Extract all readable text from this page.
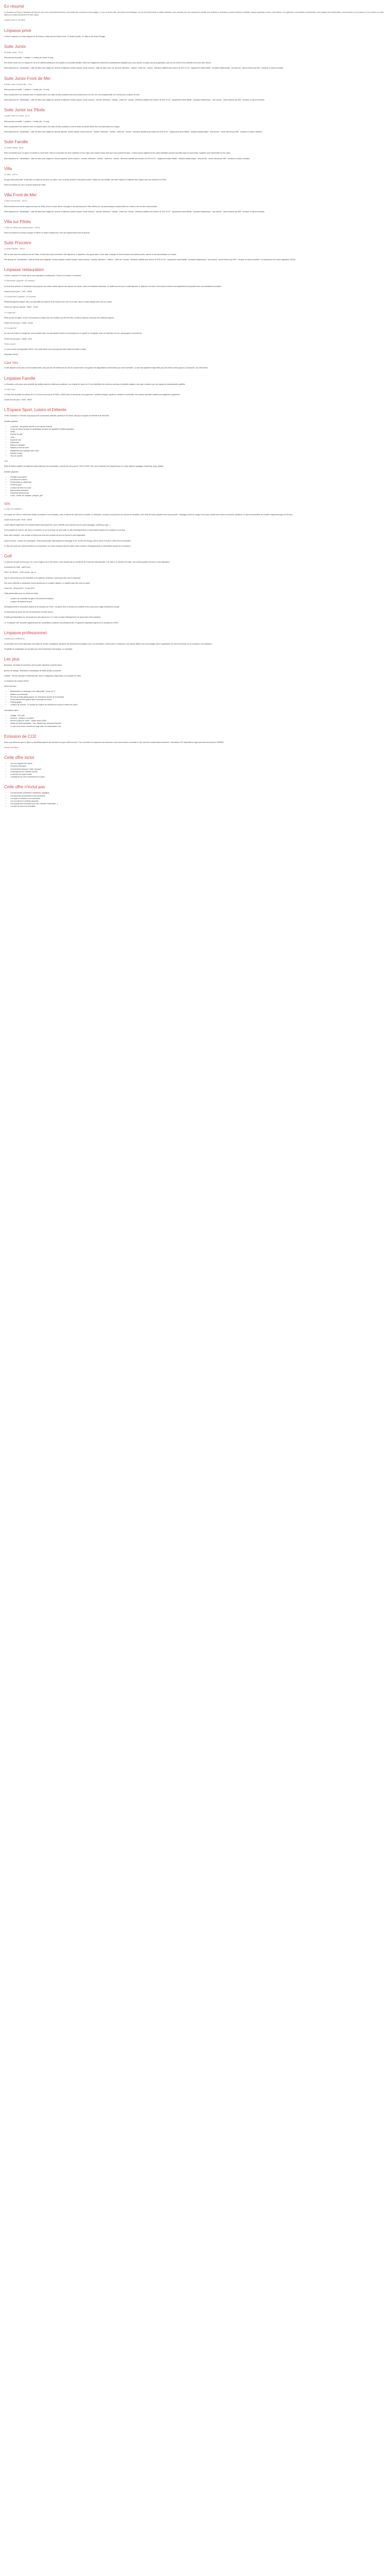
En résumé

Le Domaine de Pierre & Vacances est situé au cœur d'un environnement boisé, à proximité des commerces et des plages, à 1 km du centre-ville. Aux portes de la Bretagne, sur la côte d'Émeraude, la station balnéaire vous accueille pour des vacances en famille avec activités et animations, piscine extérieure chauffée, espace aquatique couvert, club enfants. Les logements, confortables et fonctionnels, sont équipés d'une kitchenette, d'une terrasse ou d'un balcon, et vous offrent un cadre idéal pour profiter pleinement de votre séjour.

Loading Hotel Al The Marel

Lmpasse privé

L'Hôtel Coralisant La Presse dispose de 89 Suites et Villas dont 64 Suites vivres, 12 Suites Famille, 12 Villas et une Suite Prestige.

Suite Junior

40 Suites Junior - 33 m²

Elles peuvent accueillir : 2 adultes + 1 enfant (de moins 12 ans)

Des Suites Junior sont un espace de vie et de détente parfait pour les couples ou les petites familles. Elles sont élégamment décorées et parfaitement équipées pour vous assurer un séjour des plus agréables, avec tout le confort et la modernité dont vous avez besoin.

Elles disposent de : climatisation - salle de bains avec baignoire, douche à l'italienne, double vasque, sèche-cheveux - salle de bains avec vue, armoire, télévision - minibar - coffre-fort - bureau - télévision satellite avec lecteur de DVD et CD - équipement haute fidélité - réception téléphonique - mini-service - accès Internet par WiFi - terrasse ou balcon meublés.

Suite Junior Front de Mer

8 Suites Junior Front de Mer - 70 m²

Elles peuvent accueillir : 2 adultes + 1 enfant (de - 12 ans)

Elles comprennent une chambre avec un espace salon, une salle de bains privative avec une terrasse face à la mer, une vue exceptionnelle sur l'océan pour un séjour de rêve.

Elles disposent de : climatisation - salle de bains avec baignoire, douche à l'italienne, double vasque, sèche-cheveux - armoire, téléviseur - minibar - coffre-fort - bureau - télévision satellite avec lecteur de DVD et CD - équipement haute fidélité - réception téléphonique - mini-service - accès Internet par WiFi - terrasse ou balcon meublés.

Suite Junior sur Pilotis

4 Suites Junior sur Pilotis - 92 m²

Elles peuvent accueillir : 2 adultes + 1 enfant (de - 12 ans)

Elles comprennent une chambre avec un espace salon, une salle de bains privative et une terrasse sur pilotis offrant une vue imprenable sur le lagon.

Elles disposent de : climatisation - salle de bains avec baignoire, douche séparée, double vasque, sèche-cheveux - armoire, téléviseur - minibar - coffre-fort - bureau - télévision satellite avec lecteur de DVD et CD - équipement haute fidélité - réception téléphonique - mini-service - accès Internet par WiFi - terrasse ou balcon meublés.

Suite Famille

12 Suites Famille - 86 m²

Elles sont idéales pour un séjour en famille ou entre amis. Elles se composent de deux chambres et d'un salon avec espace repas, ainsi que d'une grande terrasse. L'hôtel propose également des suites familiales pouvant accueillir jusqu'à 6 personnes, équipées d'une kitchenette et d'un salon.

Elles disposent de : climatisation - salle de bains avec baignoire, douche séparée, sèche-cheveux - armoire, téléviseur - minibar - coffre-fort - bureau - télévision satellite avec lecteur de DVD et CD - équipement haute fidélité - réception téléphonique - mini-service - accès Internet par WiFi - terrasse ou balcon meublés.

Villa

12 Villas - 130 m²

Du type villa individuelle, la villa offre un cadre de vie privé, au calme, avec un jardin privatif et une piscine privée. Idéale pour les familles, elle offre l'espace et l'intimité d'une maison avec les services d'un hôtel.

Elles sont situées au cœur du jardin tropical de l'hôtel.

Villa Front de Mer

4 Villas Front de Mer - 130 m²

Elles bénéficient du même équipement que les Villas, avec un accès direct à la plage et une piscine privée. Elles offrent une vue panoramique exceptionnelle sur l'océan et sur les îles environnantes.

Elles disposent de : climatisation - salle de bains avec baignoire, douche à l'italienne, double vasque, sèche-cheveux - armoire, téléviseur - minibar - coffre-fort - bureau - télévision satellite avec lecteur de DVD et CD - équipement haute fidélité - réception téléphonique - mini-service - accès Internet par WiFi - terrasse ou balcon meublés.

Villa sur Pilotis

2 Villas sur Pilotis avec piscine privée - 230 m²

Elles sont situées au-dessus du lagon et offrent un cadre exceptionnel, avec des équipements haut de gamme.

Suite Princière

La Suite Princière - 265 m²

Elle se situe dans une partie privée de l'hôtel, à l'écart des autres chambres. Elle dispose de 2 chambres, d'un grand salon, d'une salle à manger et d'une terrasse avec piscine privée, jacuzzi et vue panoramique sur l'océan.

Elle dispose de : climatisation - salle de bains avec baignoire, douche séparée, double vasque, sèche-cheveux - armoire, téléviseur - minibar - coffre-fort - bureau - télévision satellite avec lecteur de DVD et CD - équipement haute fidélité - réception téléphonique - mini-service - accès Internet par WiFi - terrasse ou balcon meublés. Un majordome est à votre disposition 24h/24.

Lmpasse restauration

L'Hôtel Coralisant La Presse met à votre disposition 3 restaurants, 2 bars et un service en chambre.

"Le Barracuda" (capacité : 80 couverts)

Au bord de la piscine, ce restaurant vous propose une cuisine variée inspirée des saveurs du monde, dans une ambiance détendue. Un buffet est servi pour le petit-déjeuner, le déjeuner et le dîner. Des soirées à thème sont régulièrement proposées avec des animations musicales.

Ouvert tous les jours : 7h00 - 22h30

"Le Grand Récif" (capacité : 60 couverts)

Restaurant gastronomique, avec une spécialité de poissons et de fruits de mer, servi à la carte, dans un cadre élégant avec vue sur l'océan.

Ouvert du mardi au samedi : 19h30 - 22h30

"Le Lagon bar"

Situé au bord du lagon, ce bar vous propose un large choix de cocktails, jus de fruits frais, et autres boissons, ainsi que des collations légères.

Ouvert tous les jours : 10h00 - minuit

"Le Lounge Bar"

Au cœur de l'hôtel, le Lounge Bar vous accueille dans une atmosphère feutrée et conviviale pour un apéritif ou un digestif, avec une sélection de vins, champagnes et alcools fins.

Ouvert tous les jours : 18h00 - 1h00

"Room service"

Le room service est disponible 24h/24. Une carte variée vous est proposée dans toutes les suites et villas.

Disponible 24h/24

Cave Vins

L'hôtel dispose d'une cave à vins exceptionnelle, avec plus de 400 références de vins du monde entier, et organise des dégustations commentées par notre sommelier. La cave est également disponible pour des dîners privés jusqu'à 12 personnes. Sur réservation.

Lmpasse Famille

Le Domaine a été pensé pour accueillir les familles dans les meilleures conditions. Les enfants de moins de 12 ans bénéficient de nombreux services et activités adaptés à leur âge, encadrés par une équipe de professionnels qualifiés.

"Le Kids Club"

Le Kids Club accueille les enfants de 4 à 12 ans tous les jours de 9h00 à 18h00 (sauf le dimanche). Au programme : activités ludiques, sportives, créatives et culturelles. Des soirées spéciales enfants sont également organisées.

Ouvert tous les jours : 9h00 - 18h00

L'Espace Sport, Loisirs et Détente

L'hôtel Coralisant La Presse vous propose de nombreuses activités sportives et de loisirs, ainsi qu'un espace de détente et de bien-être.

Activités gratuites :

• 2 piscines : une grande piscine et une piscine enfants
• Courts de tennis éclairés en synthétique (location de raquettes et balles payantes)
• Volley
• Practice de golf
• Voile
• Kayak de mer
• Catamaran
• Bateaux à pédales
• Bateaux à fond de verre
• Équipement pour plongée avec tuba
• Planche à voile
• Jeux de société

Gym

Salle de fitness équipée de matériels cardio-training et de musculation, ouverte tous les jours de 7h00 à 21h00. Des cours collectifs sont dispensés par un coach diplômé (aquagym, stretching, yoga, pilates).

Activités payantes :

• Plongée sous-marine
• Excursions en bateau
• Promenades en catamaran
• Pêche au gros
• Location de vélo et scooter
• Randonnées pédestres
• Parachute ascensionnel
• Cours : tennis, ski nautique, plongée, golf
SPA

"Le Spa de Coralisant"

Un espace de 1000 m² entièrement dédié à la beauté et à la relaxation, avec 8 cabines de soins dont 2 doubles, un hammam, un sauna, un jacuzzi et une piscine de relaxation. Une carte de soins complète vous est proposée : massages, soins du visage et du corps, beauté des mains et des pieds, épilations. Le Spa est accessible aux adultes uniquement (plus de 16 ans).

Ouvert tous les jours : 9h00 - 20h00

L'hôtel dispose également d'un espace fitness dans lequel des cours collectifs sont proposés tous les jours (aquagym, stretching, yoga...).

Il est possible de réserver des soins en chambre ou sur la terrasse de votre suite ou villa. Renseignements et réservations auprès de la réception ou du Spa.

Dans votre chambre : une trousse de bienvenue avec des produits de soin du Spa est à votre disposition.

Autres services : service de conciergerie, réveil personnalisé, blanchisserie et nettoyage à sec, service de change, prêt de livres et de jeux, coffre-fort à la réception.

Le Spa est ouvert aux clients extérieurs sur réservation. Les soins proposés peuvent varier selon la saison. Renseignements et réservations auprès de la réception.

Golf

Le parcours de golf 18 trous (par 72), d'une longueur de 6 200 mètres, a été dessiné par un architecte de renommée internationale. Il se situe à 10 minutes de l'hôtel, une navette gratuite est mise à votre disposition.

A proximité de l'hôtel : golf 9 trous

GOLF 18 TROUS - 6 200 mètres - par 72

Golf en accès libre pour les débutants et les golfeurs confirmés. Club house avec bar et restaurant.

Des cours collectifs ou particuliers sont proposés par un moniteur diplômé. Le matériel peut être loué sur place.

Green fee : 18 trous 80 € - 9 trous 50 €

Tarifs préférentiels pour les clients de l'hôtel.

• Location de voiturettes de golf et de chariots électriques
• Location de matériel de golf

Renseignements et réservation auprès de la réception de l'hôtel. Les green-fees, la location du matériel et les cours sont à régler directement au golf.

La réservation du green-fee est recommandée en haute saison.

Forfaits golf disponibles sur demande pour des séjours de 3 à 7 nuits, incluant l'hébergement, les green-fees et les transferts.

Le "Coralisant Golf" accueille régulièrement des compétitions amateurs et professionnelles. Programme disponible auprès de la réception de l'hôtel.

Lmpasse professionnel

Facilités pour conférences

Le Domaine met à votre disposition des salles de réunion modulables, équipées des dernières technologies, pour vos séminaires, conférences et réceptions. Une équipe dédiée vous accompagne dans l'organisation de votre événement, de la conception à la réalisation.

Possibilité de privatisation du Domaine pour des événements d'envergure, sur demande.

Les plus

Boutiques : Boutique de souvenirs, prêt-à-porter, bijouterie, produits locaux

Bureau de change - Distributeur automatique de billets (DAB) à proximité

Librairie : Presse française et internationale, livres et magazines disponibles à la boutique de l'hôtel

La réception est ouverte 24h/24

Autres services :

• Blanchisserie et nettoyage à sec (disponible 7 jours sur 7)
• Médecin sur demande
• Service de baby-sitting payant, sur réservation auprès de la réception
• Accès Internet WiFi gratuit dans l'ensemble de l'hôtel
• Parking gratuit
• Location de voitures : Le bureau de location de véhicules se trouve à l'entrée de l'hôtel

Informations utiles :

• Voltage : 220 volts
• Animaux : Animaux non admis
• Arrivée à partir de 14h00 - Départ avant 12h00
• Cartes de crédit acceptées : Visa, MasterCard, American Express
• Le port d'une tenue correcte est exigé dans les restaurants le soir
Emission de CO2

Nous vous informons que le séjour en Martinique génère des émissions de gaz à effet de serre. Pour connaître et compenser ces émissions, nous vous invitons à consulter le site www.info-compensation-carbone.fr. Calculateur CO2 disponible en ligne (données fournies par l'ADEME).

Aéroport de départ

Cette offre inclut
• Les vols réguliers Air France
• Les taxes d'aéroport
• Les transferts aéroport / hôtel / aéroport
• L'hébergement en chambre double
• La formule de repas choisie
• L'assistance de notre représentant sur place
Cette offre n'inclut pas
• Les assurances (annulation, assistance, bagages)
• Les dépenses personnelles et les pourboires
• Les repas et boissons non mentionnés
• Les excursions et activités payantes
• Les suppléments éventuels (vue mer, chambre individuelle...)
• Les frais de visa et de formalités
